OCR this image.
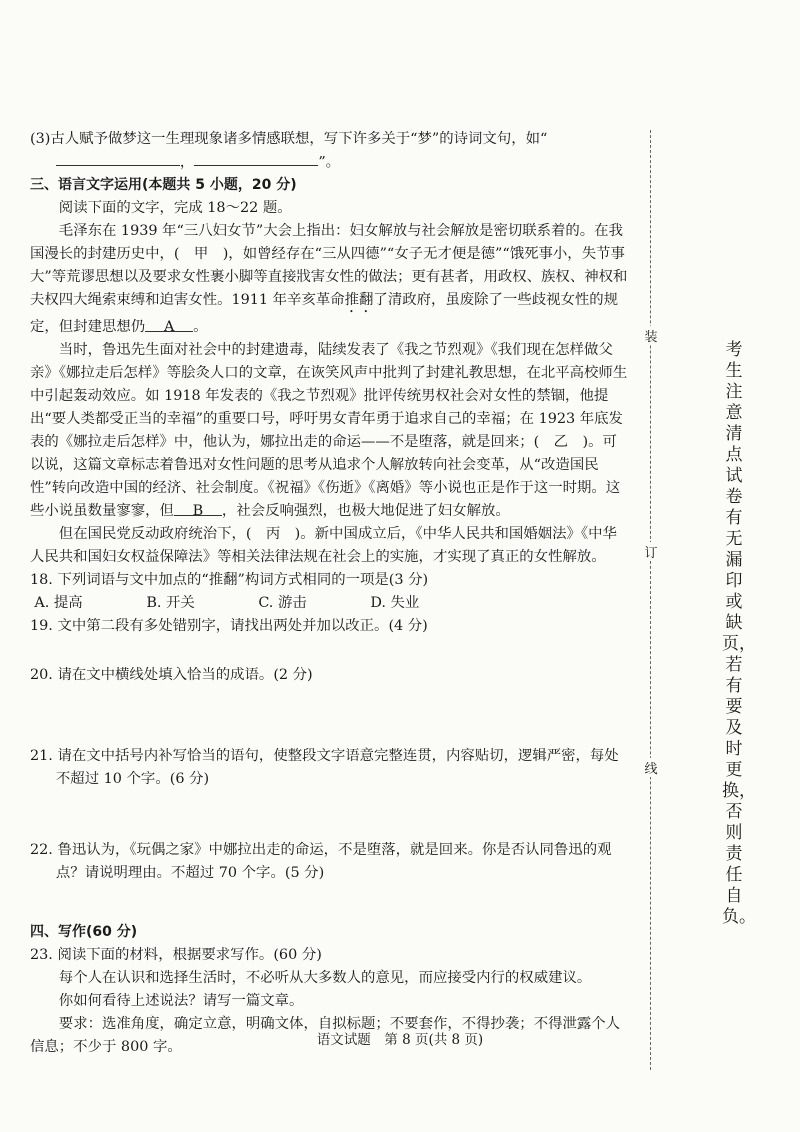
(3)古人赋予做梦这一生理现象诸多情感联想，写下许多关于“梦”的诗词文句，如“，	”。

三、语言文字运用(本题共 5 小题，20 分)

阅读下面的文字，完成 18～22 题。

毛泽东在 1939 年“三八妇女节”大会上指出：妇女解放与社会解放是密切联系着的。在我国漫长的封建历史中，(　甲　)，如曾经存在“三从四德”“女子无才便是德”“饿死事小，失节事大”等荒谬思想以及要求女性裹小脚等直接戕害女性的做法；更有甚者，用政权、族权、神权和夫权四大绳索束缚和迫害女性。1911 年辛亥革命推翻了清政府，虽废除了一些歧视女性的规定，但封建思想仍 A 。

当时，鲁迅先生面对社会中的封建遗毒，陆续发表了《我之节烈观》《我们现在怎样做父亲》《娜拉走后怎样》等脍灸人口的文章，在诙笑风声中批判了封建礼教思想，在北平高校师生中引起轰动效应。如 1918 年发表的《我之节烈观》批评传统男权社会对女性的禁锢，他提出“要人类都受正当的幸福”的重要口号，呼吁男女青年勇于追求自己的幸福；在 1923 年底发表的《娜拉走后怎样》中，他认为，娜拉出走的命运——不是堕落，就是回来；(　乙　)。可以说，这篇文章标志着鲁迅对女性问题的思考从追求个人解放转向社会变革，从“改造国民性”转向改造中国的经济、社会制度。《祝福》《伤逝》《离婚》等小说也正是作于这一时期。这些小说虽数量寥寥，但 B ，社会反响强烈，也极大地促进了妇女解放。

但在国民党反动政府统治下，(　丙　)。新中国成立后，《中华人民共和国婚姻法》《中华人民共和国妇女权益保障法》等相关法律法规在社会上的实施，才实现了真正的女性解放。

18. 下列词语与文中加点的“推翻”构词方式相同的一项是(3 分)

A. 提高	B. 开关	C. 游击	D. 失业

19. 文中第二段有多处错别字，请找出两处并加以改正。(4 分)

20. 请在文中横线处填入恰当的成语。(2 分)

21. 请在文中括号内补写恰当的语句，使整段文字语意完整连贯，内容贴切，逻辑严密，每处不超过 10 个字。(6 分)

22. 鲁迅认为，《玩偶之家》中娜拉出走的命运，不是堕落，就是回来。你是否认同鲁迅的观点？请说明理由。不超过 70 个字。(5 分)

四、写作(60 分)

23. 阅读下面的材料，根据要求写作。(60 分)

每个人在认识和选择生活时，不必听从大多数人的意见，而应接受内行的权威建议。

你如何看待上述说法？请写一篇文章。

要求：选准角度，确定立意，明确文体，自拟标题；不要套作，不得抄袭；不得泄露个人信息；不少于 800 字。	语文试题　第 8 页(共 8 页)
装
订
线
考生注意清点试卷有无漏印或缺页，若有要及时更换，否则责任自负。
